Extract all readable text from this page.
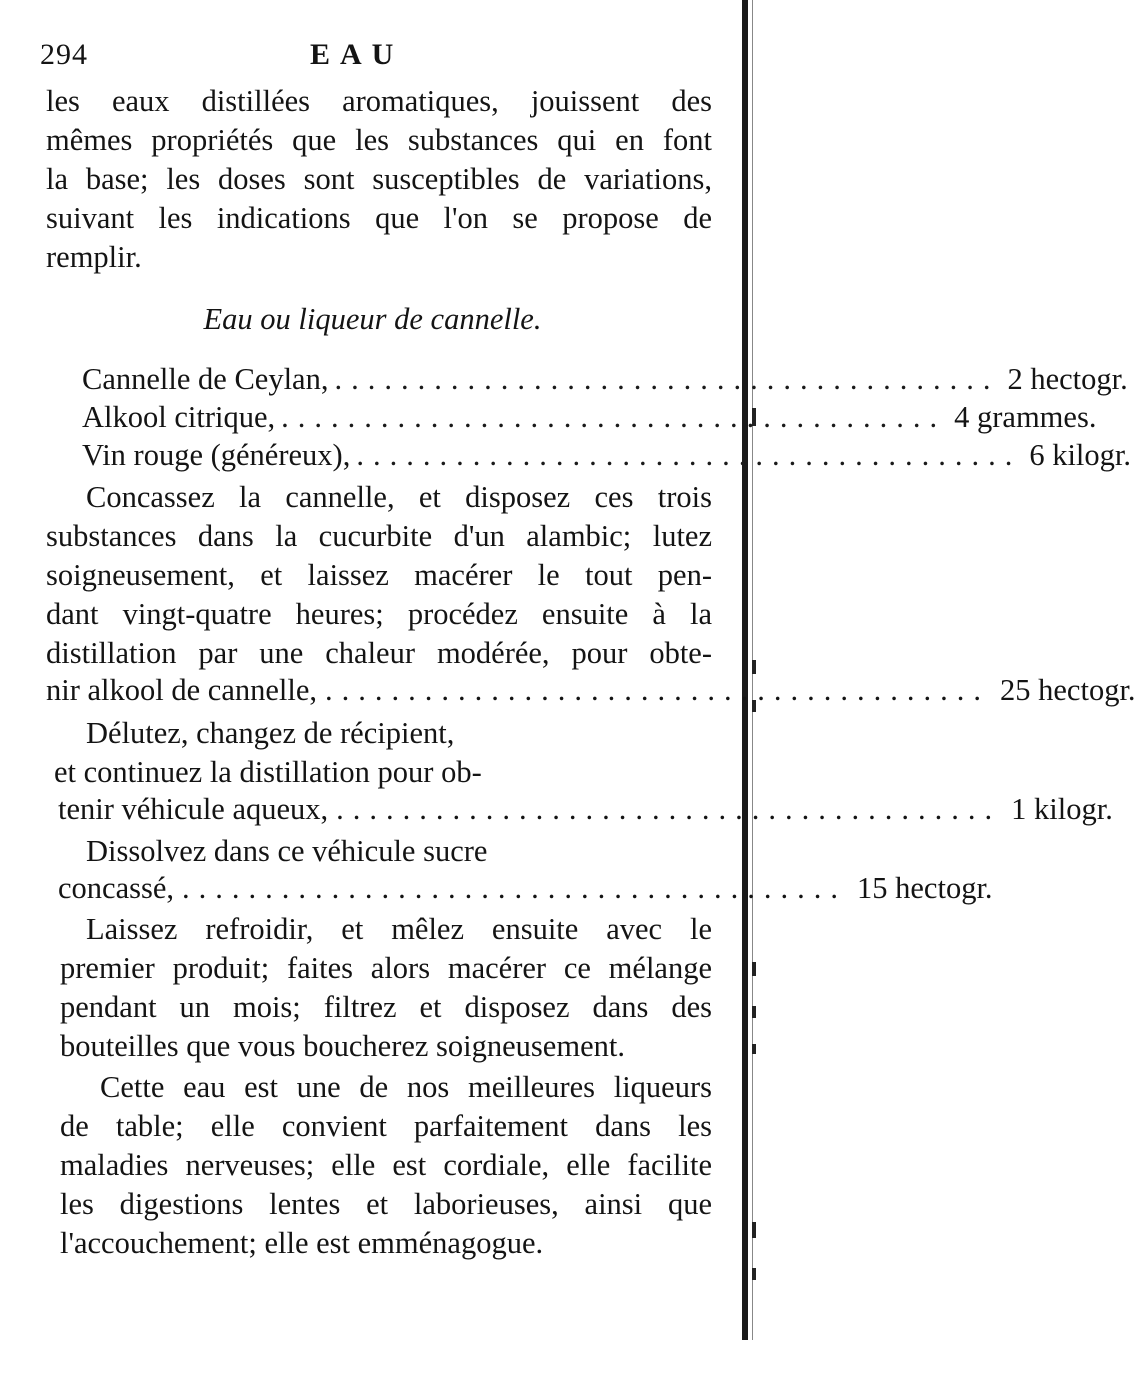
294	EAU
les eaux distillées aromatiques, jouissent des
mêmes propriétés que les substances qui en font
la base; les doses sont susceptibles de variations,
suivant les indications que l'on se propose de
remplir.
Eau ou liqueur de cannelle.
Cannelle de Ceylan, ........................................ 2 hectogr.
Alkool citrique, ........................................ 4 grammes.
Vin rouge (généreux), ........................................ 6 kilogr.
Concassez la cannelle, et disposez ces trois
substances dans la cucurbite d'un alambic; lutez
soigneusement, et laissez macérer le tout pen-
dant vingt-quatre heures; procédez ensuite à la
distillation par une chaleur modérée, pour obte-
nir alkool de cannelle, ........................................ 25 hectogr.
Délutez, changez de récipient,
et continuez la distillation pour ob-
tenir véhicule aqueux, ........................................ 1 kilogr.
Dissolvez dans ce véhicule sucre
concassé, ........................................ 15 hectogr.
Laissez refroidir, et mêlez ensuite avec le
premier produit; faites alors macérer ce mélange
pendant un mois; filtrez et disposez dans des
bouteilles que vous boucherez soigneusement.
Cette eau est une de nos meilleures liqueurs
de table; elle convient parfaitement dans les
maladies nerveuses; elle est cordiale, elle facilite
les digestions lentes et laborieuses, ainsi que
l'accouchement; elle est emménagogue.
